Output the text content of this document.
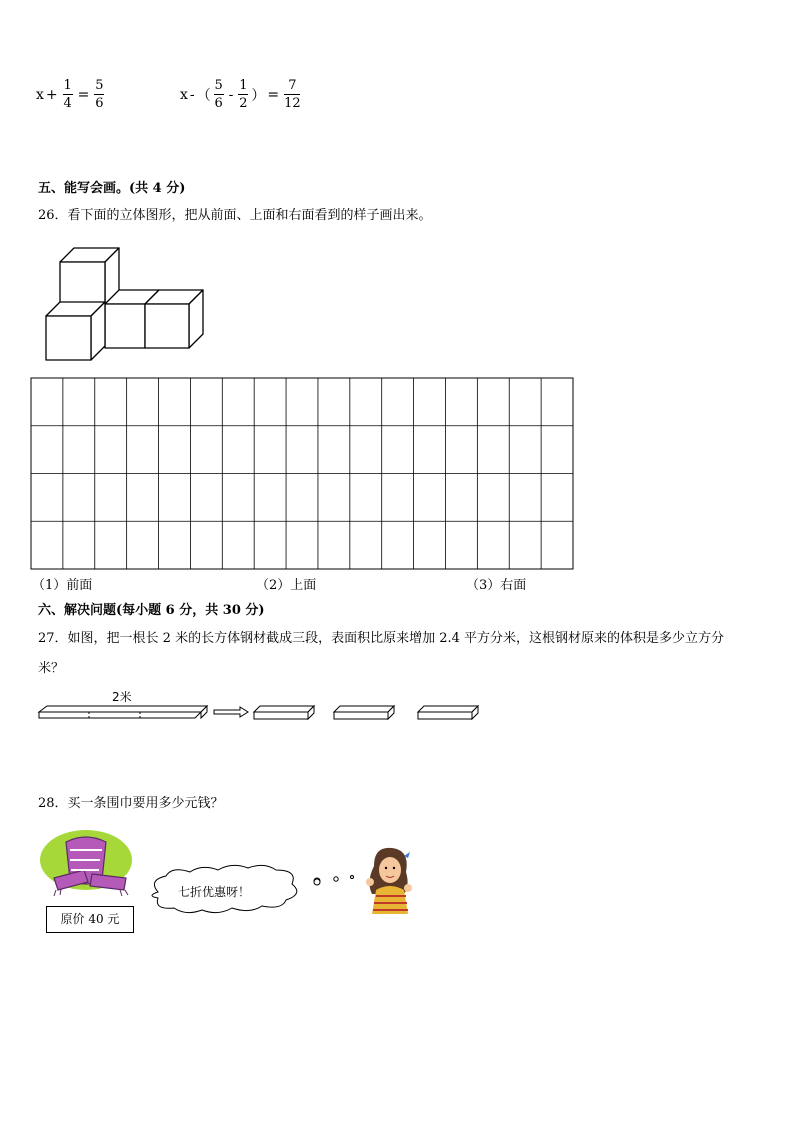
$x + \frac{1}{4} = \frac{5}{6}$	x - （ $\frac{5}{6} - \frac{1}{2}$ ） = $\frac{7}{12}$
五、能写会画。(共 4 分)
26．看下面的立体图形，把从前面、上面和右面看到的样子画出来。
（1）前面	（2）上面	（3）右面
六、解决问题(每小题 6 分，共 30 分)
27．如图，把一根长 2 米的长方体钢材截成三段，表面积比原来增加 2.4 平方分米，这根钢材原来的体积是多少立方分
米？
2米
28．买一条围巾要用多少元钱？
原价 40 元
七折优惠呀！
